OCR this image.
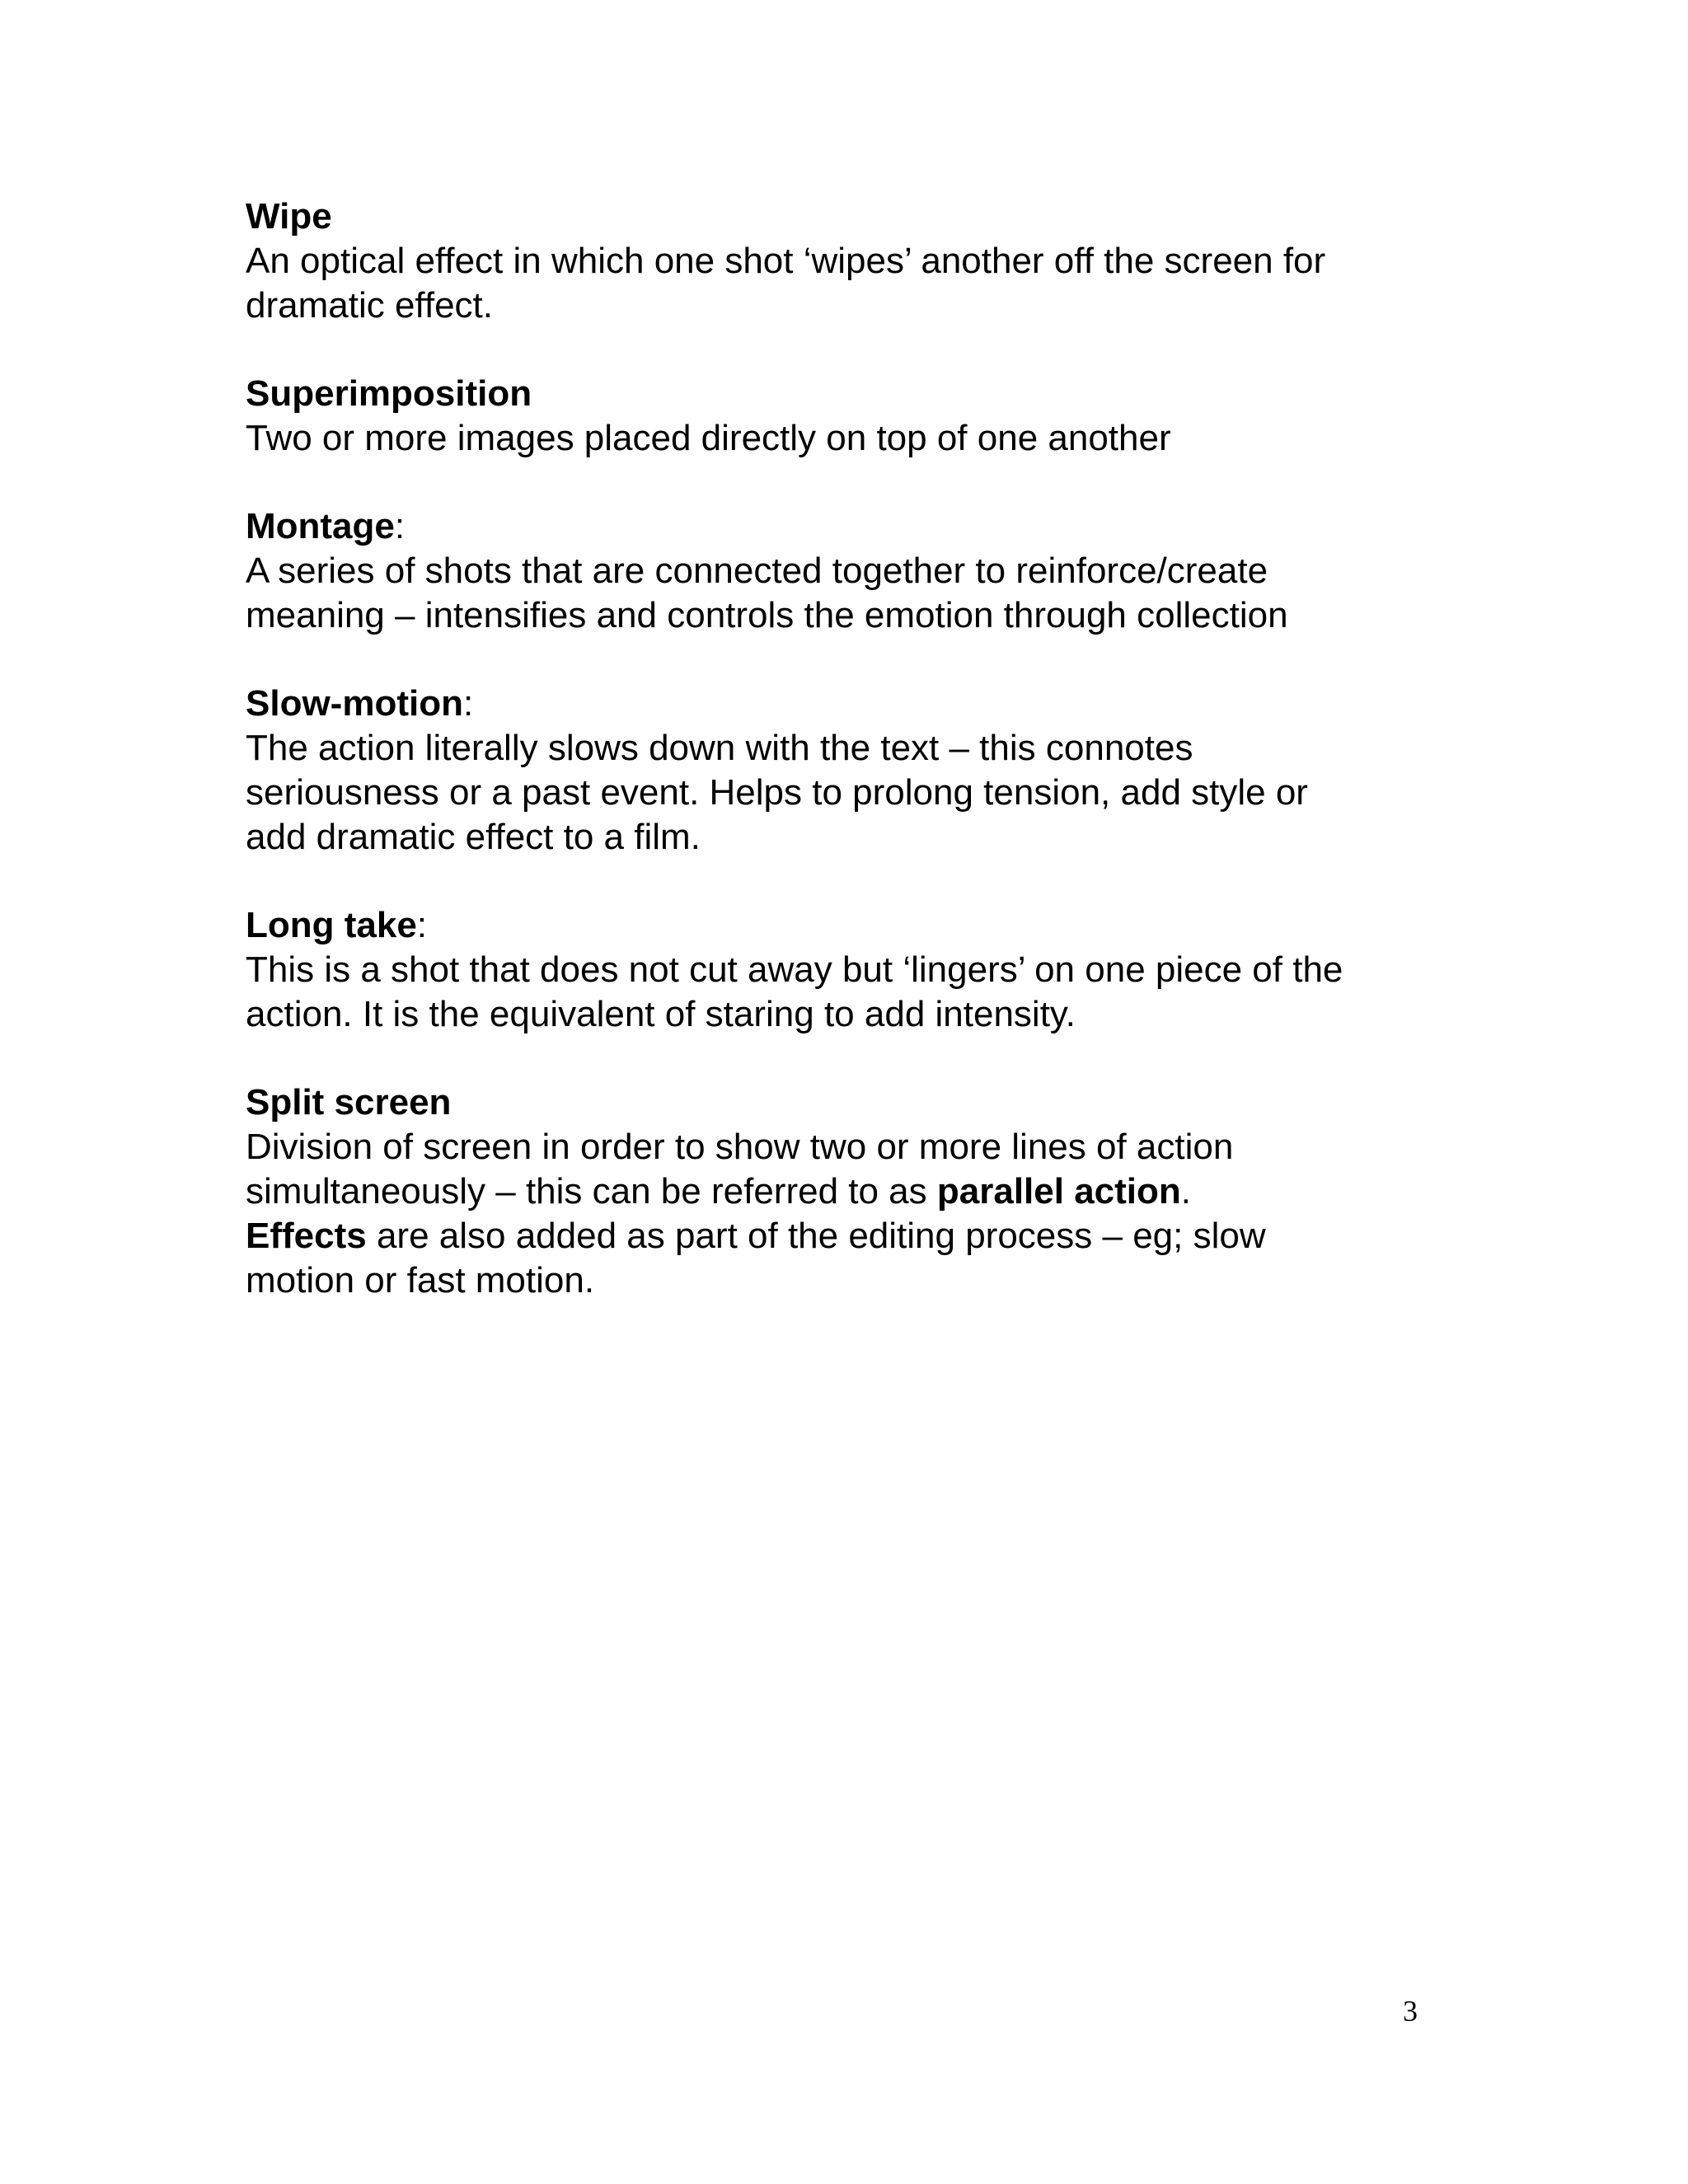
Wipe

An optical effect in which one shot ‘wipes’ another off the screen for
dramatic effect.

Superimposition

Two or more images placed directly on top of one another

Montage:

A series of shots that are connected together to reinforce/create
meaning – intensifies and controls the emotion through collection

Slow-motion:

The action literally slows down with the text – this connotes
seriousness or a past event. Helps to prolong tension, add style or
add dramatic effect to a film.

Long take:

This is a shot that does not cut away but ‘lingers’ on one piece of the
action. It is the equivalent of staring to add intensity.

Split screen

Division of screen in order to show two or more lines of action
simultaneously – this can be referred to as parallel action.
Effects are also added as part of the editing process – eg; slow
motion or fast motion.

3
